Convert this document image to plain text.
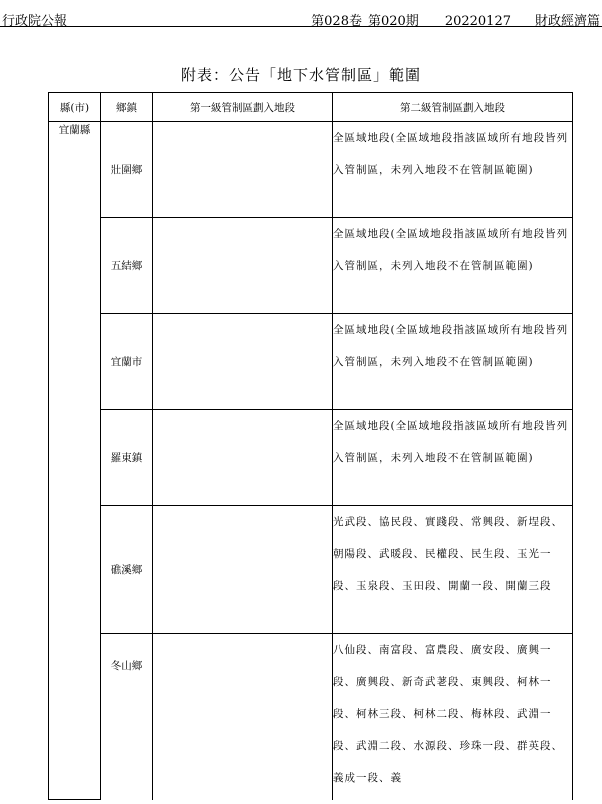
行政院公報	第028卷 第020期 20220127 財政經濟篇
附表：公告「地下水管制區」範圍
縣(市)	鄉鎮	第一級管制區劃入地段	第二級管制區劃入地段
宜蘭縣	壯圍鄉		全區域地段(全區域地段指該區域所有地段皆列入管制區，未列入地段不在管制區範圍)
	五結鄉		全區域地段(全區域地段指該區域所有地段皆列入管制區，未列入地段不在管制區範圍)
	宜蘭市		全區域地段(全區域地段指該區域所有地段皆列入管制區，未列入地段不在管制區範圍)
	羅東鎮		全區域地段(全區域地段指該區域所有地段皆列入管制區，未列入地段不在管制區範圍)
	礁溪鄉		光武段、協民段、實踐段、常興段、新埕段、朝陽段、武暖段、民權段、民生段、玉光一段、玉泉段、玉田段、開蘭一段、開蘭三段
	冬山鄉		八仙段、南富段、富農段、廣安段、廣興一段、廣興段、新奇武荖段、東興段、柯林一段、柯林三段、柯林二段、梅林段、武淵一段、武淵二段、水源段、珍珠一段、群英段、義成一段、義
